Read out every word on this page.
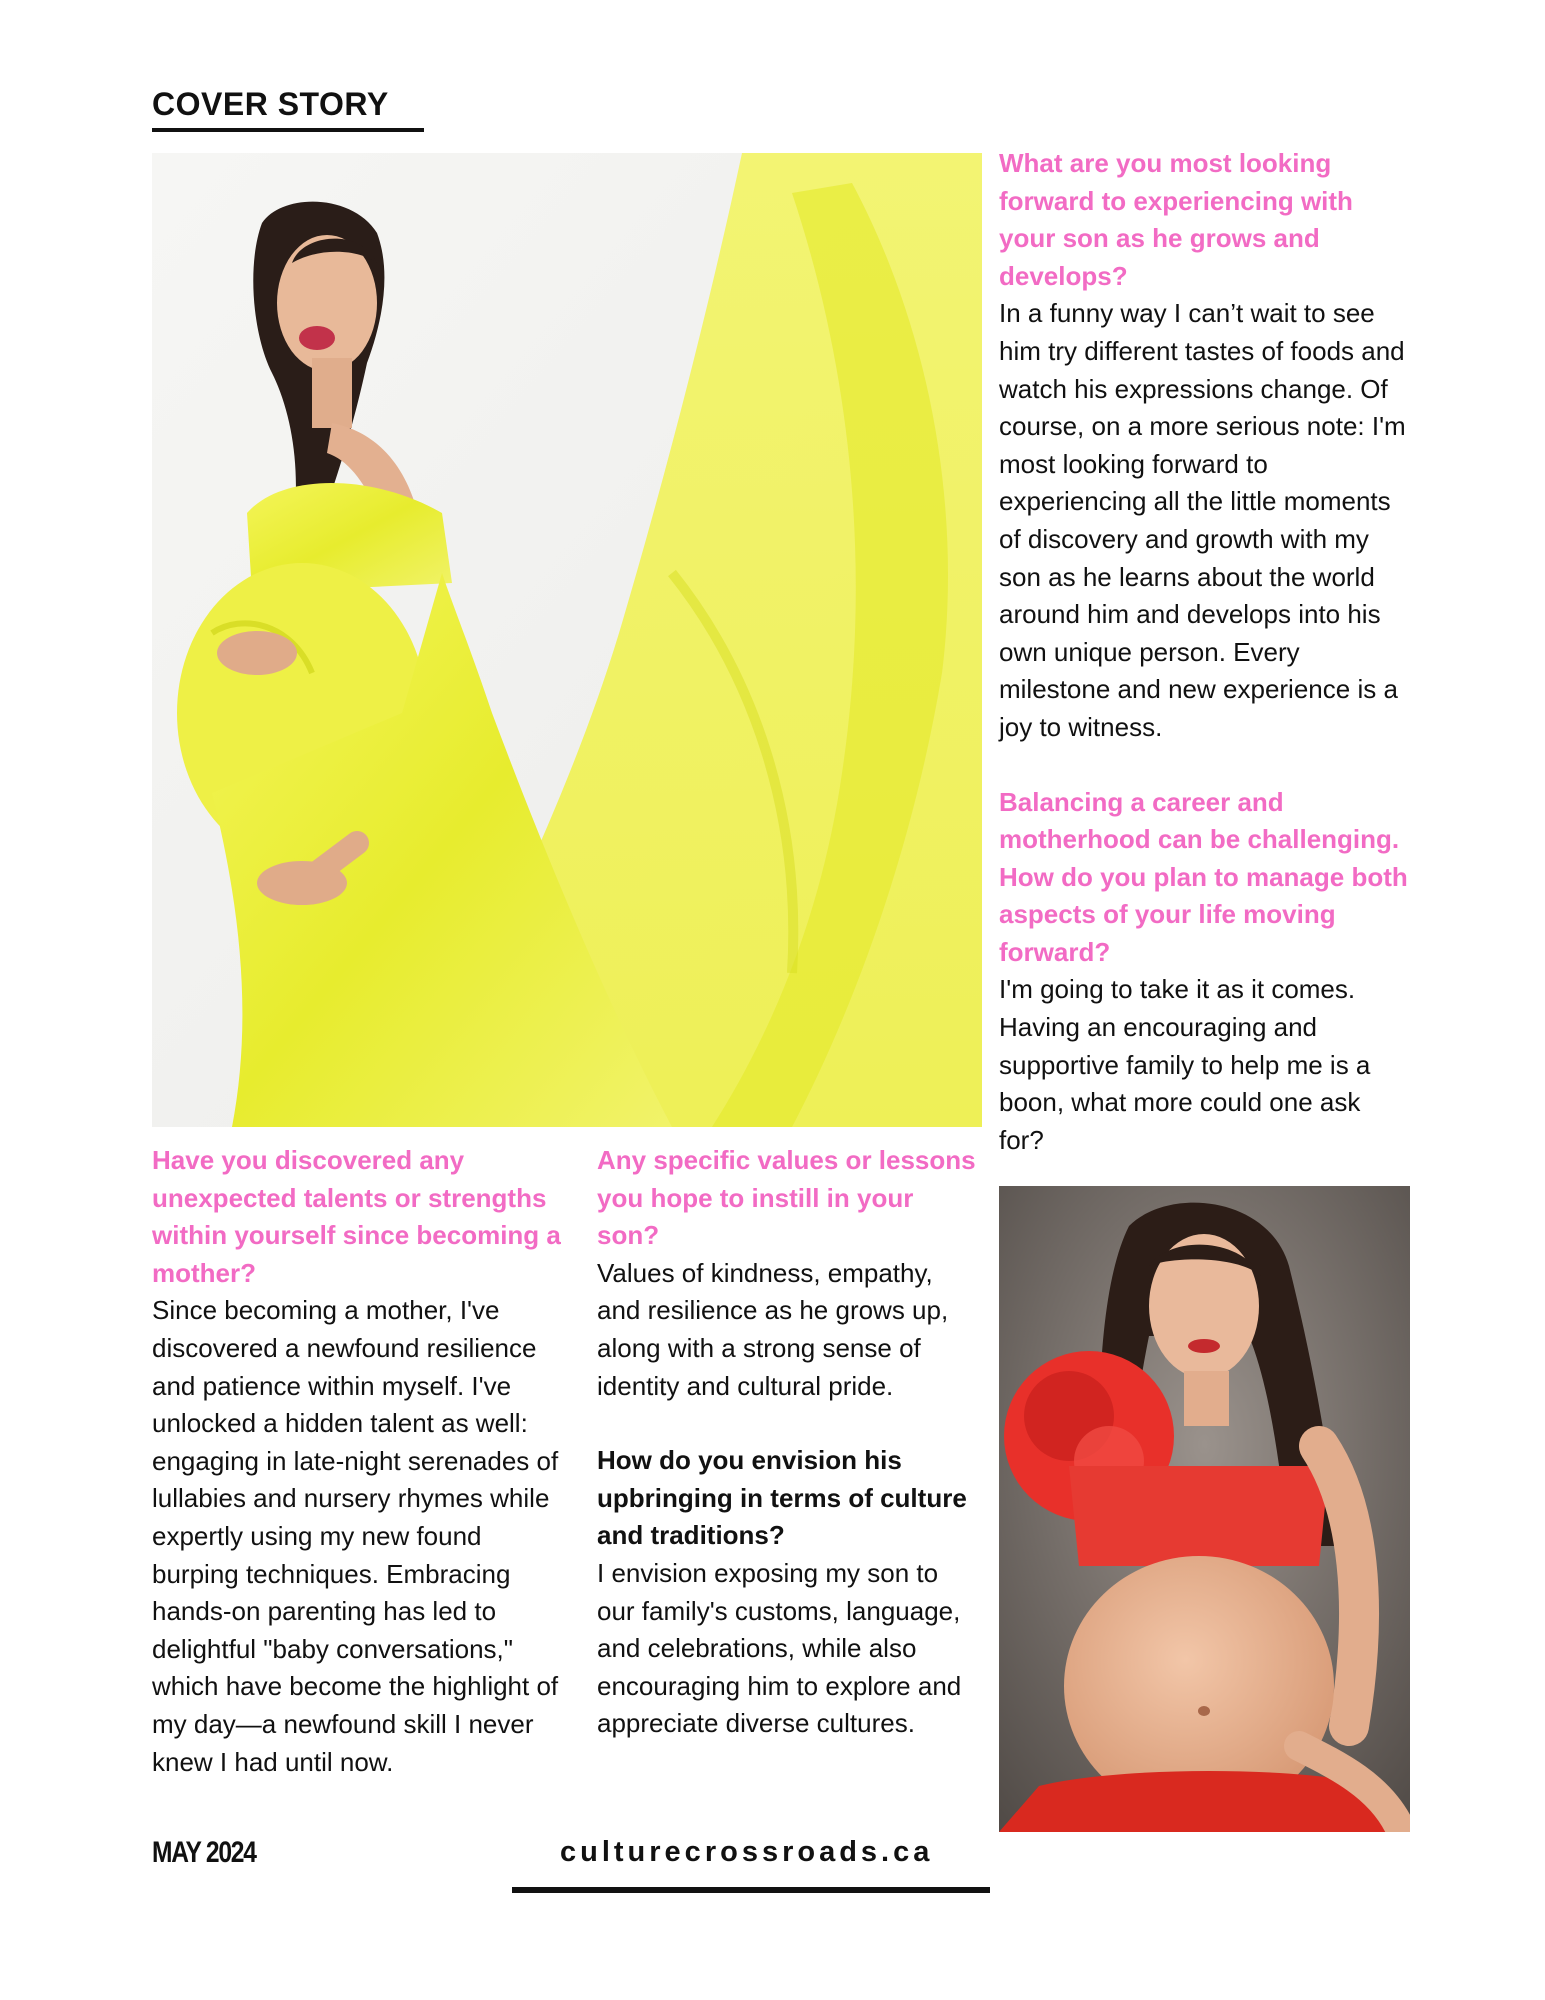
COVER STORY

What are you most looking forward to experiencing with your son as he grows and develops?

In a funny way I can’t wait to see him try different tastes of foods and watch his expressions change. Of course, on a more serious note: I'm most looking forward to experiencing all the little moments of discovery and growth with my son as he learns about the world around him and develops into his own unique person. Every milestone and new experience is a joy to witness.

Balancing a career and motherhood can be challenging. How do you plan to manage both aspects of your life moving forward?

I'm going to take it as it comes. Having an encouraging and supportive family to help me is a boon, what more could one ask for?

Have you discovered any unexpected talents or strengths within yourself since becoming a mother?

Since becoming a mother, I've discovered a newfound resilience and patience within myself. I've unlocked a hidden talent as well: engaging in late-night serenades of lullabies and nursery rhymes while expertly using my new found burping techniques. Embracing hands-on parenting has led to delightful "baby conversations," which have become the highlight of my day—a newfound skill I never knew I had until now.

Any specific values or lessons you hope to instill in your son?

Values of kindness, empathy, and resilience as he grows up, along with a strong sense of identity and cultural pride.

How do you envision his upbringing in terms of culture and traditions?

I envision exposing my son to our family's customs, language, and celebrations, while also encouraging him to explore and appreciate diverse cultures.

MAY 2024	culturecrossroads.ca
